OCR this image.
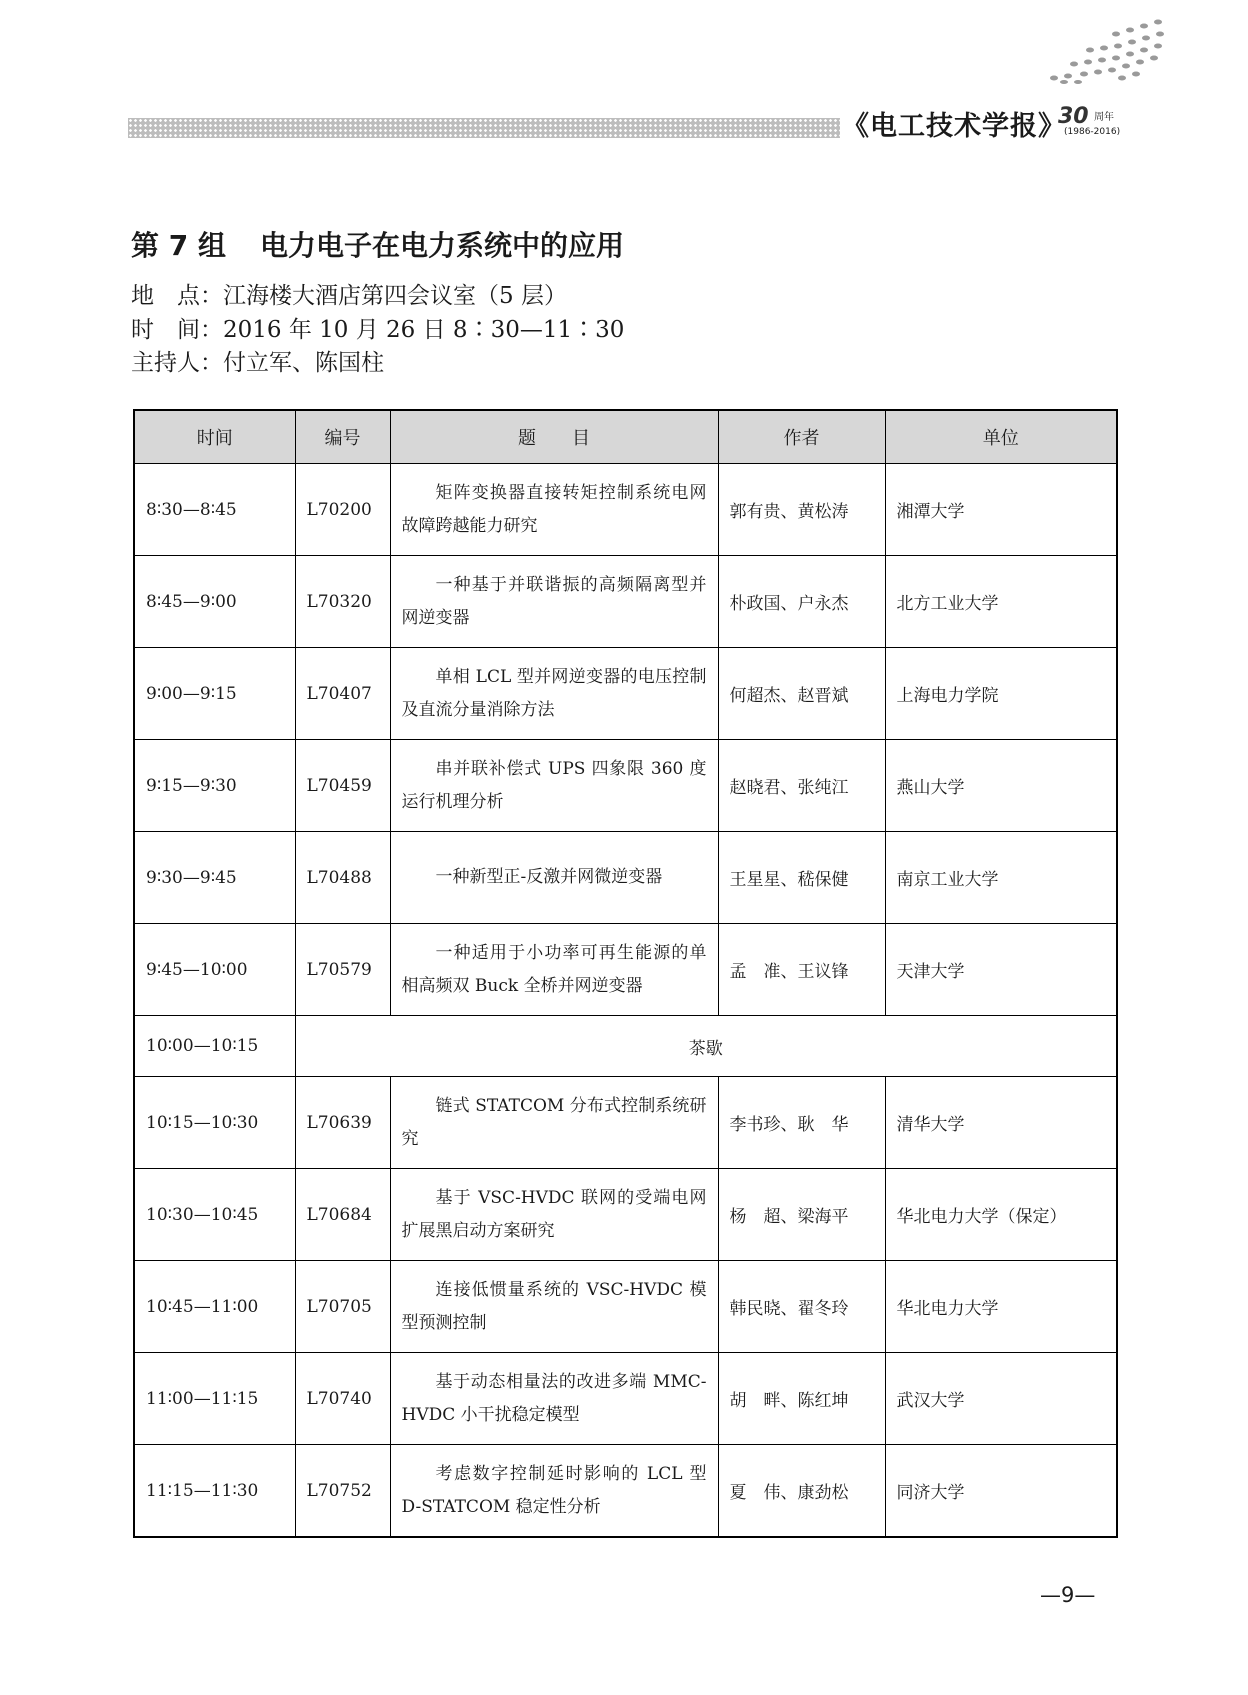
《电工技术学报》
30 周年
(1986-2016)
第 7 组 电力电子在电力系统中的应用
地　点：江海楼大酒店第四会议室（5 层）
时　间：2016 年 10 月 26 日 8∶30—11∶30
主持人：付立军、陈国柱
时间	编号	题　　目	作者	单位
8∶30—8∶45	L70200	矩阵变换器直接转矩控制系统电网故障跨越能力研究	郭有贵、黄松涛	湘潭大学
8∶45—9∶00	L70320	一种基于并联谐振的高频隔离型并网逆变器	朴政国、户永杰	北方工业大学
9∶00—9∶15	L70407	单相 LCL 型并网逆变器的电压控制及直流分量消除方法	何超杰、赵晋斌	上海电力学院
9∶15—9∶30	L70459	串并联补偿式 UPS 四象限 360 度运行机理分析	赵晓君、张纯江	燕山大学
9∶30—9∶45	L70488	一种新型正-反激并网微逆变器	王星星、嵇保健	南京工业大学
9∶45—10∶00	L70579	一种适用于小功率可再生能源的单相高频双 Buck 全桥并网逆变器	孟　准、王议锋	天津大学
10∶00—10∶15	茶歇			
10∶15—10∶30	L70639	链式 STATCOM 分布式控制系统研究	李书珍、耿　华	清华大学
10∶30—10∶45	L70684	基于 VSC-HVDC 联网的受端电网扩展黑启动方案研究	杨　超、梁海平	华北电力大学（保定）
10∶45—11∶00	L70705	连接低惯量系统的 VSC-HVDC 模型预测控制	韩民晓、翟冬玲	华北电力大学
11∶00—11∶15	L70740	基于动态相量法的改进多端 MMC- HVDC 小干扰稳定模型	胡　畔、陈红坤	武汉大学
11∶15—11∶30	L70752	考虑数字控制延时影响的 LCL 型 D-STATCOM 稳定性分析	夏　伟、康劲松	同济大学
—9—
